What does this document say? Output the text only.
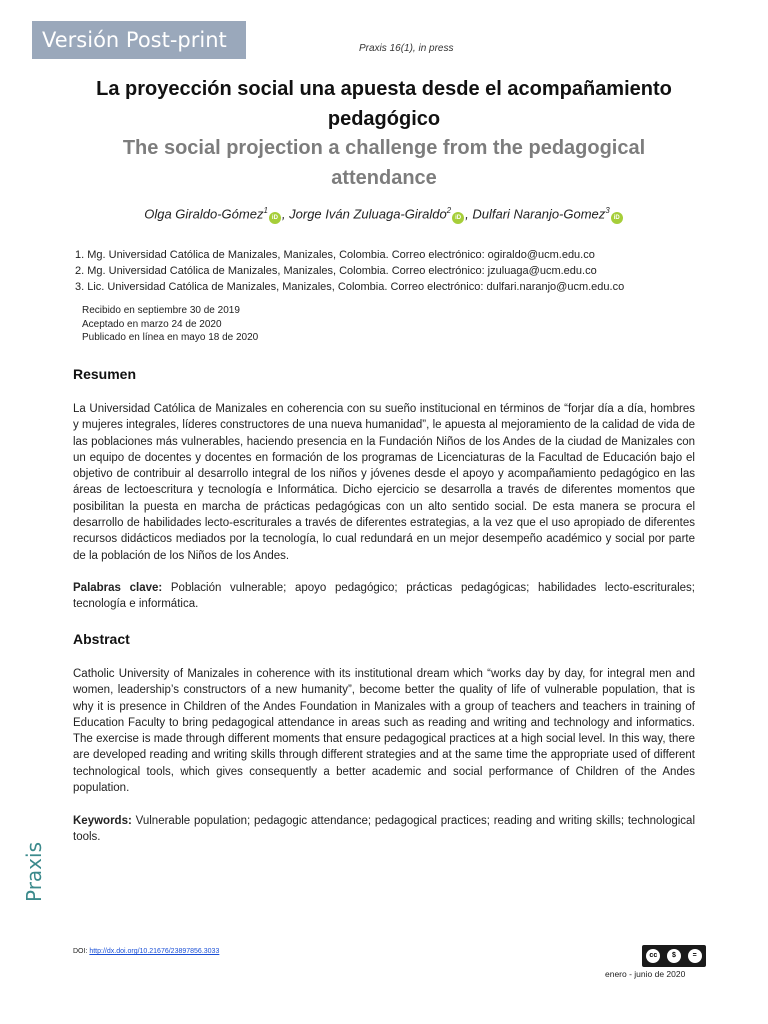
Versión Post-print	Praxis 16(1), in press
La proyección social una apuesta desde el acompañamiento pedagógico
The social projection a challenge from the pedagogical attendance
Olga Giraldo-Gómez$^1$iD , Jorge Iván Zuluaga-Giraldo$^2$iD , Dulfari Naranjo-Gomez$^3$iD
1. Mg. Universidad Católica de Manizales, Manizales, Colombia. Correo electrónico: ogiraldo@ucm.edu.co
2. Mg. Universidad Católica de Manizales, Manizales, Colombia. Correo electrónico: jzuluaga@ucm.edu.co
3. Lic. Universidad Católica de Manizales, Manizales, Colombia. Correo electrónico: dulfari.naranjo@ucm.edu.co
Recibido en septiembre 30 de 2019
Aceptado en marzo 24 de 2020
Publicado en línea en mayo 18 de 2020
Resumen

La Universidad Católica de Manizales en coherencia con su sueño institucional en términos de “forjar día a día, hombres y mujeres integrales, líderes constructores de una nueva humanidad”, le apuesta al mejoramiento de la calidad de vida de las poblaciones más vulnerables, haciendo presencia en la Fundación Niños de los Andes de la ciudad de Manizales con un equipo de docentes y docentes en formación de los programas de Licenciaturas de la Facultad de Educación bajo el objetivo de contribuir al desarrollo integral de los niños y jóvenes desde el apoyo y acompañamiento pedagógico en las áreas de lectoescritura y tecnología e Informática. Dicho ejercicio se desarrolla a través de diferentes momentos que posibilitan la puesta en marcha de prácticas pedagógicas con un alto sentido social. De esta manera se procura el desarrollo de habilidades lecto-escriturales a través de diferentes estrategias, a la vez que el uso apropiado de diferentes recursos didácticos mediados por la tecnología, lo cual redundará en un mejor desempeño académico y social por parte de la población de los Niños de los Andes.

Palabras clave: Población vulnerable; apoyo pedagógico; prácticas pedagógicas; habilidades lecto-escriturales; tecnología e informática.

Abstract

Catholic University of Manizales in coherence with its institutional dream which “works day by day, for integral men and women, leadership’s constructors of a new humanity”, become better the quality of life of vulnerable population, that is why it is presence in Children of the Andes Foundation in Manizales with a group of teachers and teachers in training of Education Faculty to bring pedagogical attendance in areas such as reading and writing and technology and informatics. The exercise is made through different moments that ensure pedagogical practices at a high social level. In this way, there are developed reading and writing skills through different strategies and at the same time the appropriate used of different technological tools, which gives consequently a better academic and social performance of Children of the Andes population.

Keywords: Vulnerable population; pedagogic attendance; pedagogical practices; reading and writing skills; technological tools.

Praxis
DOI: http://dx.doi.org/10.21676/23897856.3033
cc	$	=
enero - junio de 2020
